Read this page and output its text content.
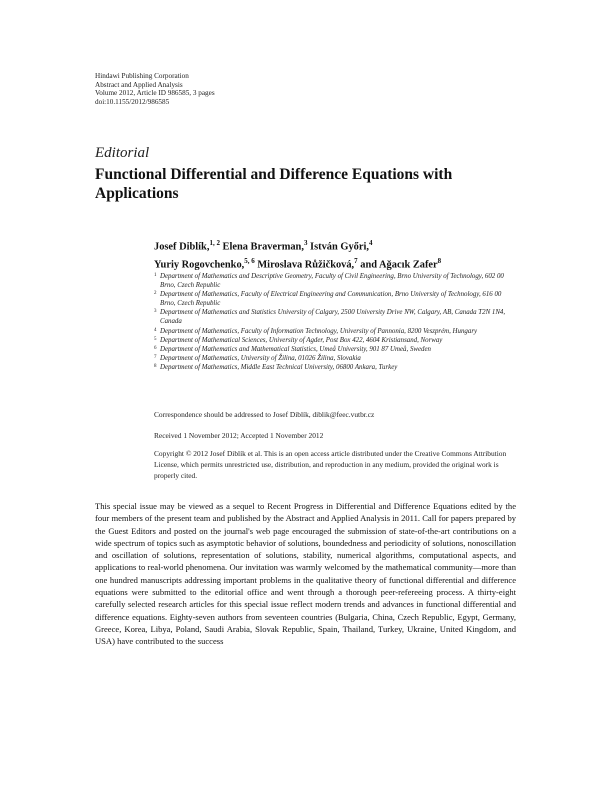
Hindawi Publishing Corporation
Abstract and Applied Analysis
Volume 2012, Article ID 986585, 3 pages
doi:10.1155/2012/986585
Editorial
Functional Differential and Difference Equations with Applications
Josef Diblík,$^{1, 2}$ Elena Braverman,$^3$ István Győri,$^4$
Yuriy Rogovchenko,$^{5, 6}$ Miroslava Růžičková,$^7$ and Ağacık Zafer$^8$
1 Department of Mathematics and Descriptive Geometry, Faculty of Civil Engineering, Brno University of Technology, 602 00 Brno, Czech Republic
2 Department of Mathematics, Faculty of Electrical Engineering and Communication, Brno University of Technology, 616 00 Brno, Czech Republic
3 Department of Mathematics and Statistics University of Calgary, 2500 University Drive NW, Calgary, AB, Canada T2N 1N4, Canada
4 Department of Mathematics, Faculty of Information Technology, University of Pannonia, 8200 Veszprém, Hungary
5 Department of Mathematical Sciences, University of Agder, Post Box 422, 4604 Kristiansand, Norway
6 Department of Mathematics and Mathematical Statistics, Umeå University, 901 87 Umeå, Sweden
7 Department of Mathematics, University of Žilina, 01026 Žilina, Slovakia
8 Department of Mathematics, Middle East Technical University, 06800 Ankara, Turkey
Correspondence should be addressed to Josef Diblík, diblik@feec.vutbr.cz
Received 1 November 2012; Accepted 1 November 2012
Copyright © 2012 Josef Diblík et al. This is an open access article distributed under the Creative Commons Attribution License, which permits unrestricted use, distribution, and reproduction in any medium, provided the original work is properly cited.
This special issue may be viewed as a sequel to Recent Progress in Differential and Difference Equations edited by the four members of the present team and published by the Abstract and Applied Analysis in 2011. Call for papers prepared by the Guest Editors and posted on the journal's web page encouraged the submission of state-of-the-art contributions on a wide spectrum of topics such as asymptotic behavior of solutions, boundedness and periodicity of solutions, nonoscillation and oscillation of solutions, representation of solutions, stability, numerical algorithms, computational aspects, and applications to real-world phenomena. Our invitation was warmly welcomed by the mathematical community—more than one hundred manuscripts addressing important problems in the qualitative theory of functional differential and difference equations were submitted to the editorial office and went through a thorough peer-refereeing process. A thirty-eight carefully selected research articles for this special issue reflect modern trends and advances in functional differential and difference equations. Eighty-seven authors from seventeen countries (Bulgaria, China, Czech Republic, Egypt, Germany, Greece, Korea, Libya, Poland, Saudi Arabia, Slovak Republic, Spain, Thailand, Turkey, Ukraine, United Kingdom, and USA) have contributed to the success
